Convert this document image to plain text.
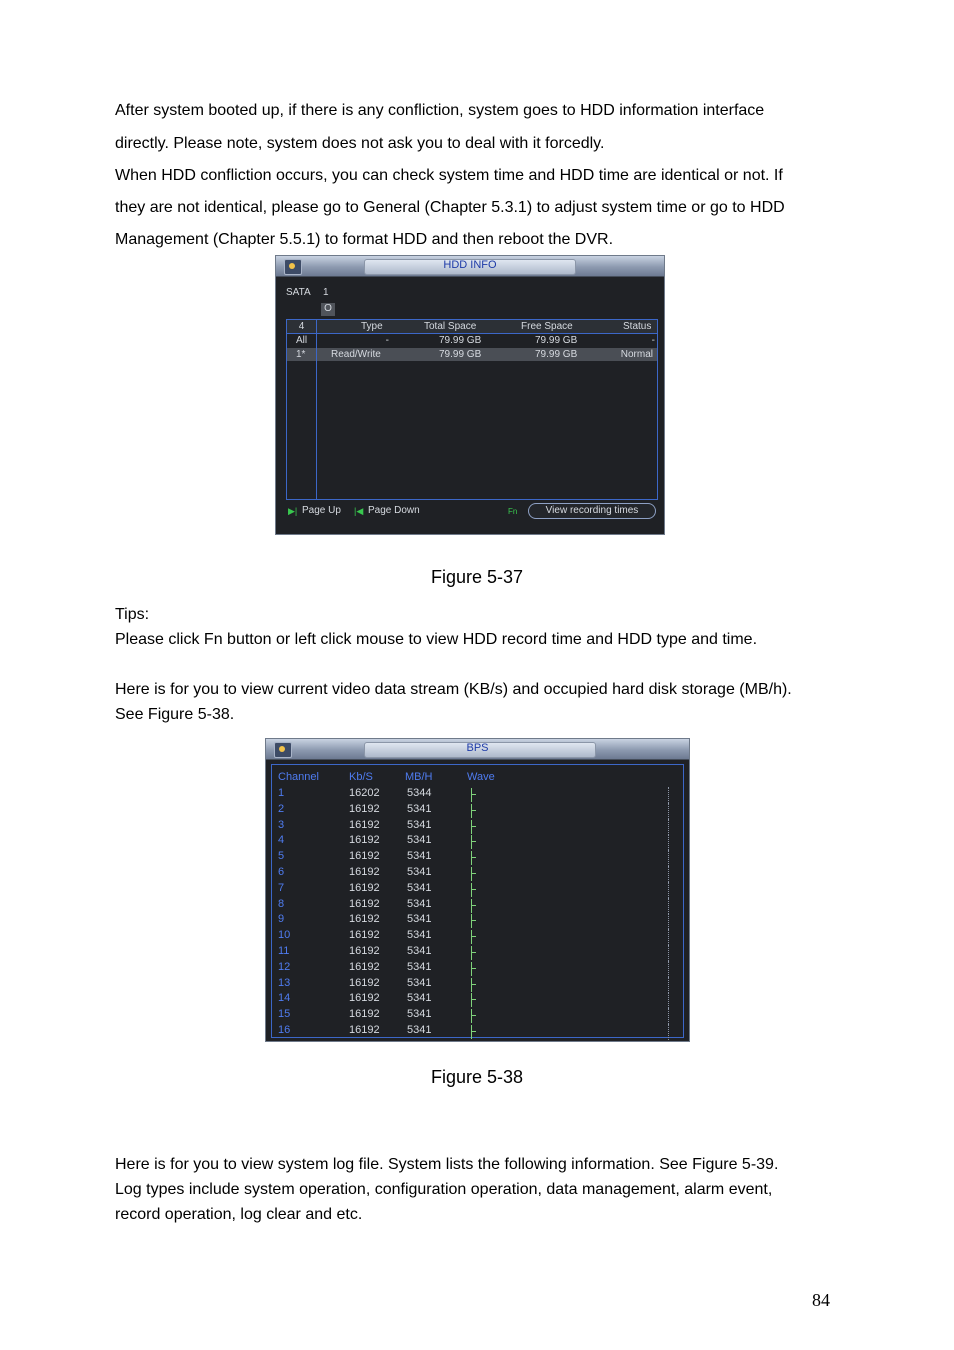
After system booted up, if there is any confliction, system goes to HDD information interface
directly. Please note, system does not ask you to deal with it forcedly.
When HDD confliction occurs, you can check system time and HDD time are identical or not. If
they are not identical, please go to General (Chapter 5.3.1) to adjust system time or go to HDD
Management (Chapter 5.5.1) to format HDD and then reboot the DVR.
HDD INFO
SATA 1
O
4	Type	Total Space	Free Space	Status
All	-	79.99 GB	79.99 GB	-
1*	Read/Write	79.99 GB	79.99 GB	Normal
▶| Page Up |◀ Page Down	Fn	View recording times
Figure 5-37
Tips:
Please click Fn button or left click mouse to view HDD record time and HDD type and time.
Here is for you to view current video data stream (KB/s) and occupied hard disk storage (MB/h).
See Figure 5-38.
BPS
Channel	Kb/S	MB/H	Wave
1	16202 5344
2	16192 5341
3	16192 5341
4	16192 5341
5	16192 5341
6	16192 5341
7	16192 5341
8	16192 5341
9	16192 5341
10	16192 5341
11	16192 5341
12	16192 5341
13	16192 5341
14	16192 5341
15	16192 5341
16	16192 5341
Figure 5-38
Here is for you to view system log file. System lists the following information. See Figure 5-39.
Log types include system operation, configuration operation, data management, alarm event,
record operation, log clear and etc.
84
